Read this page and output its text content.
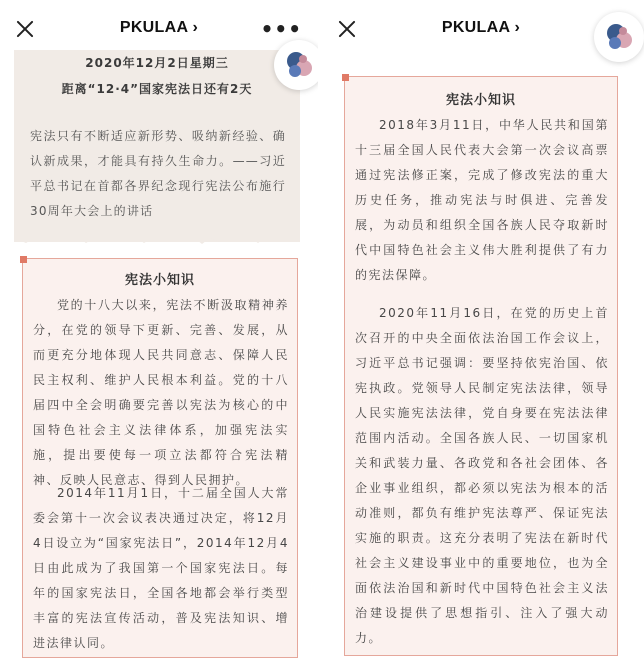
PKULAA ›	•••
2020年12月2日星期三
距离“12·4”国家宪法日还有2天
宪法只有不断适应新形势、吸纳新经验、确认新成果，才能具有持久生命力。——习近平总书记在首都各界纪念现行宪法公布施行30周年大会上的讲话
宪法小知识
党的十八大以来，宪法不断汲取精神养分，在党的领导下更新、完善、发展，从而更充分地体现人民共同意志、保障人民民主权利、维护人民根本利益。党的十八届四中全会明确要完善以宪法为核心的中国特色社会主义法律体系，加强宪法实施，提出要使每一项立法都符合宪法精神、反映人民意志、得到人民拥护。
2014年11月1日，十二届全国人大常委会第十一次会议表决通过决定，将12月4日设立为“国家宪法日”，2014年12月4日由此成为了我国第一个国家宪法日。每年的国家宪法日，全国各地都会举行类型丰富的宪法宣传活动，普及宪法知识、增进法律认同。
PKULAA ›
宪法小知识
2018年3月11日，中华人民共和国第十三届全国人民代表大会第一次会议高票通过宪法修正案，完成了修改宪法的重大历史任务，推动宪法与时俱进、完善发展，为动员和组织全国各族人民夺取新时代中国特色社会主义伟大胜利提供了有力的宪法保障。
2020年11月16日，在党的历史上首次召开的中央全面依法治国工作会议上，习近平总书记强调：要坚持依宪治国、依宪执政。党领导人民制定宪法法律，领导人民实施宪法法律，党自身要在宪法法律范围内活动。全国各族人民、一切国家机关和武装力量、各政党和各社会团体、各企业事业组织，都必须以宪法为根本的活动准则，都负有维护宪法尊严、保证宪法实施的职责。这充分表明了宪法在新时代社会主义建设事业中的重要地位，也为全面依法治国和新时代中国特色社会主义法治建设提供了思想指引、注入了强大动力。
